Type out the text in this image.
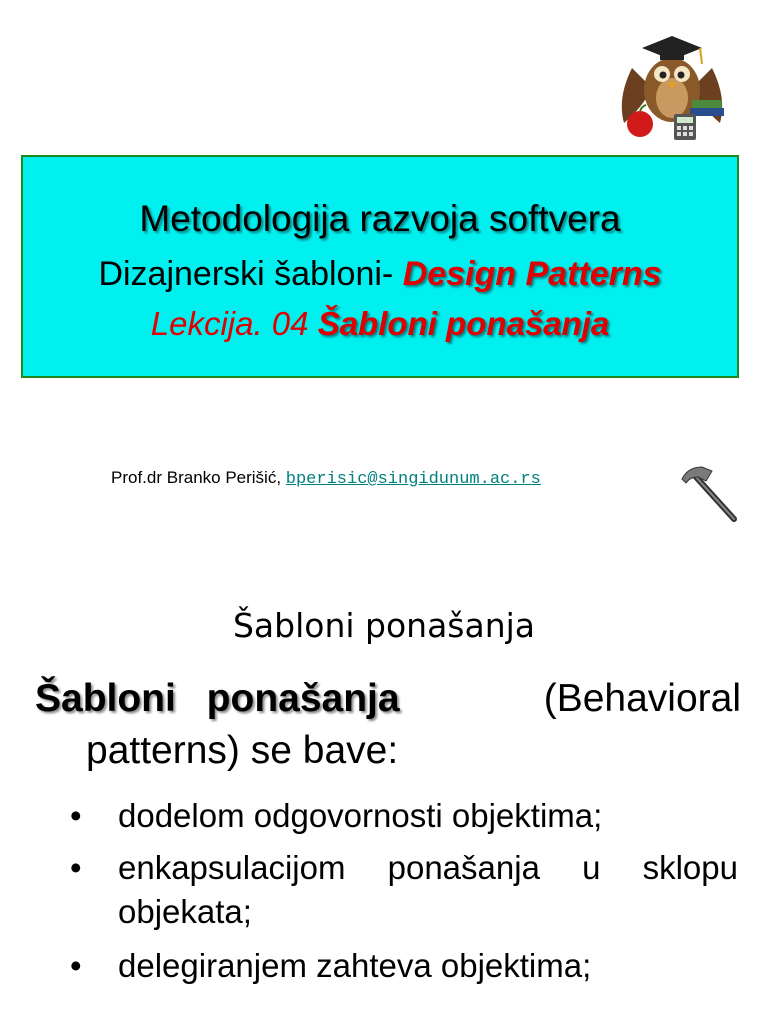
Metodologija razvoja softvera
Dizajnerski šabloni- Design Patterns
Lekcija. 04 Šabloni ponašanja
Prof.dr Branko Perišić, bperisic@singidunum.ac.rs
Šabloni ponašanja
Šabloni ponašanja	(Behavioral
patterns) se bave:
• dodelom odgovornosti objektima;
• enkapsulacijom ponašanja u sklopu objekata;
• delegiranjem zahteva objektima;
